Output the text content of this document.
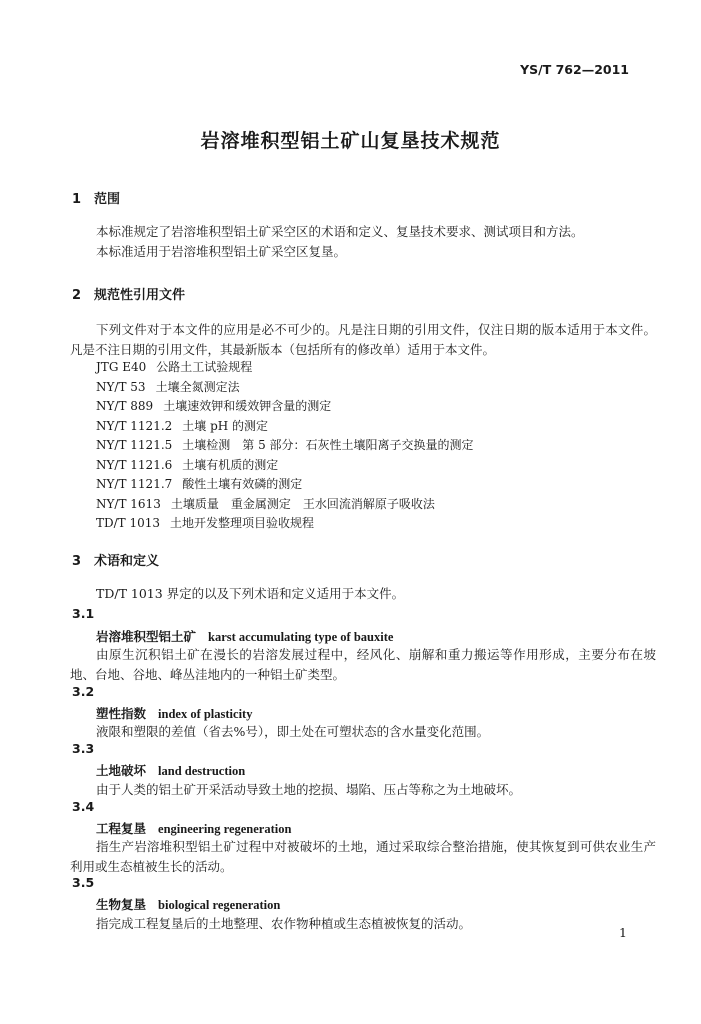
YS/T 762—2011
岩溶堆积型铝土矿山复垦技术规范
1 范围
本标准规定了岩溶堆积型铝土矿采空区的术语和定义、复垦技术要求、测试项目和方法。
本标准适用于岩溶堆积型铝土矿采空区复垦。
2 规范性引用文件
下列文件对于本文件的应用是必不可少的。凡是注日期的引用文件，仅注日期的版本适用于本文件。凡是不注日期的引用文件，其最新版本（包括所有的修改单）适用于本文件。
JTG E40 公路土工试验规程
NY/T 53 土壤全氮测定法
NY/T 889 土壤速效钾和缓效钾含量的测定
NY/T 1121.2 土壤 pH 的测定
NY/T 1121.5 土壤检测　第 5 部分：石灰性土壤阳离子交换量的测定
NY/T 1121.6 土壤有机质的测定
NY/T 1121.7 酸性土壤有效磷的测定
NY/T 1613 土壤质量　重金属测定　王水回流消解原子吸收法
TD/T 1013 土地开发整理项目验收规程
3 术语和定义
TD/T 1013 界定的以及下列术语和定义适用于本文件。
3.1
岩溶堆积型铝土矿 karst accumulating type of bauxite
由原生沉积铝土矿在漫长的岩溶发展过程中，经风化、崩解和重力搬运等作用形成，主要分布在坡地、台地、谷地、峰丛洼地内的一种铝土矿类型。
3.2
塑性指数 index of plasticity
液限和塑限的差值（省去%号），即土处在可塑状态的含水量变化范围。
3.3
土地破坏 land destruction
由于人类的铝土矿开采活动导致土地的挖损、塌陷、压占等称之为土地破坏。
3.4
工程复垦 engineering regeneration
指生产岩溶堆积型铝土矿过程中对被破坏的土地，通过采取综合整治措施，使其恢复到可供农业生产利用或生态植被生长的活动。
3.5
生物复垦 biological regeneration
指完成工程复垦后的土地整理、农作物种植或生态植被恢复的活动。
1
